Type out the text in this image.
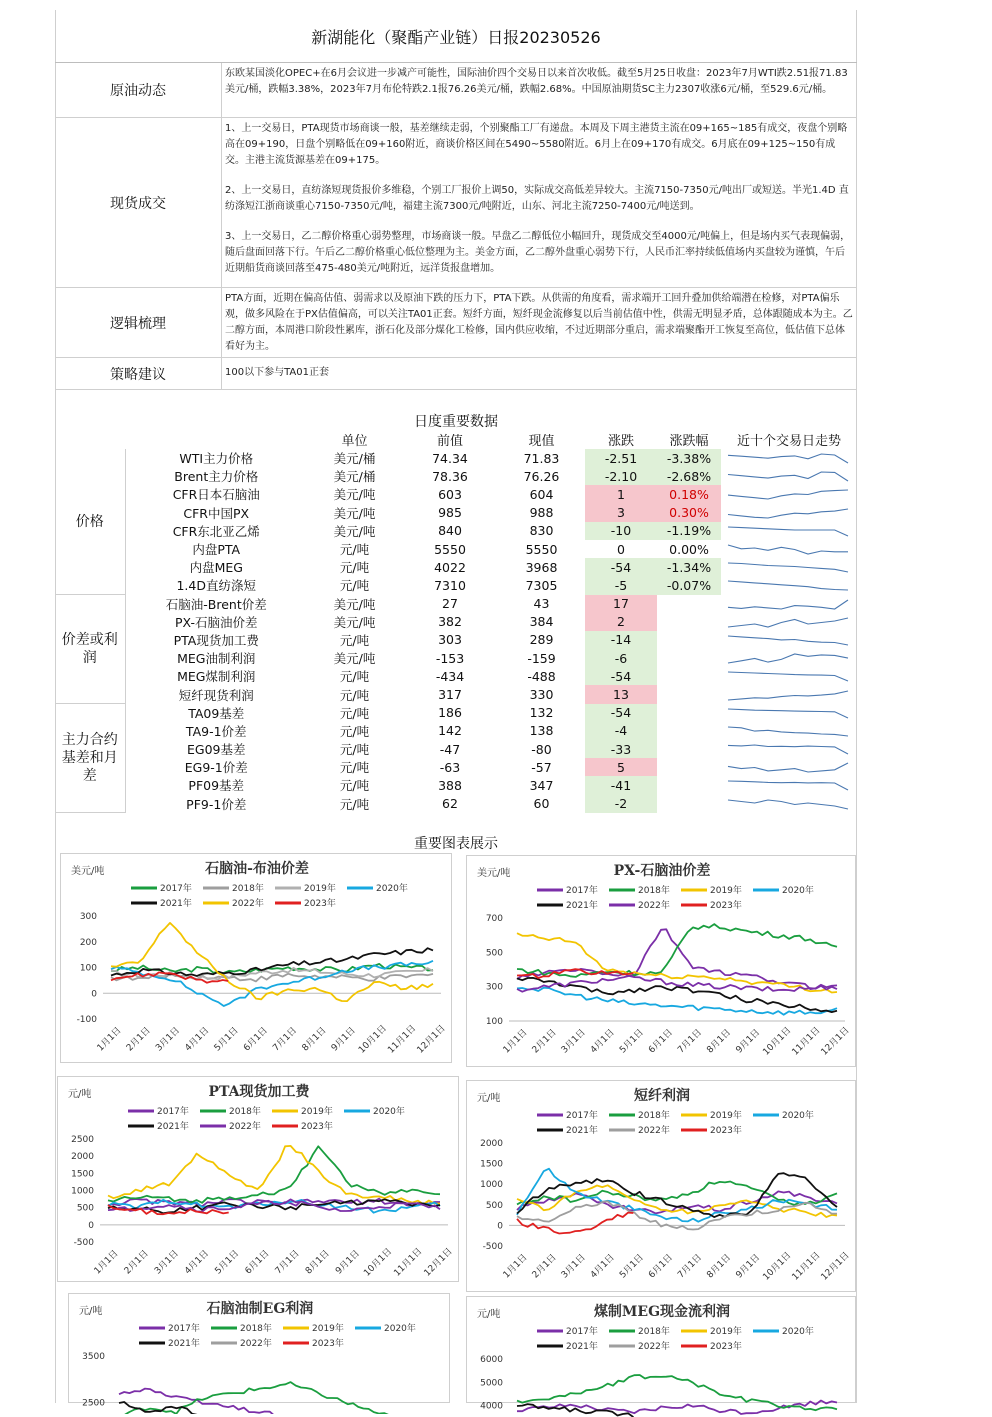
新湖能化（聚酯产业链）日报20230526
原油动态
东欧某国淡化OPEC+在6月会议进一步减产可能性，国际油价四个交易日以来首次收低。截至5月25日收盘：2023年7月WTI跌2.51报71.83美元/桶，跌幅3.38%，2023年7月布伦特跌2.1报76.26美元/桶，跌幅2.68%。中国原油期货SC主力2307收涨6元/桶，至529.6元/桶。
现货成交
1、上一交易日，PTA现货市场商谈一般，基差继续走弱，个别聚酯工厂有递盘。本周及下周主港货主流在09+165~185有成交，夜盘个别略高在09+190，日盘个别略低在09+160附近，商谈价格区间在5490~5580附近。6月上在09+170有成交。6月底在09+125~150有成交。主港主流货源基差在09+175。
2、上一交易日，直纺涤短现货报价多维稳，个别工厂报价上调50，实际成交高低差异较大。主流7150-7350元/吨出厂或短送。半光1.4D 直纺涤短江浙商谈重心7150-7350元/吨，福建主流7300元/吨附近，山东、河北主流7250-7400元/吨送到。
3、上一交易日，乙二醇价格重心弱势整理，市场商谈一般。早盘乙二醇低位小幅回升，现货成交至4000元/吨偏上，但是场内买气表现偏弱，随后盘面回落下行。午后乙二醇价格重心低位整理为主。美金方面，乙二醇外盘重心弱势下行，人民币汇率持续低值场内买盘较为谨慎，午后近期船货商谈回落至475-480美元/吨附近，远洋货报盘增加。
逻辑梳理
PTA方面，近期在偏高估值、弱需求以及原油下跌的压力下，PTA下跌。从供需的角度看，需求端开工回升叠加供给端潜在检修，对PTA偏乐观，做多风险在于PX估值偏高，可以关注TA01正套。短纤方面，短纤现金流修复以后当前估值中性，供需无明显矛盾，总体跟随成本为主。乙二醇方面，本周港口阶段性累库，浙石化及部分煤化工检修，国内供应收缩，不过近期部分重启，需求端聚酯开工恢复至高位，低估值下总体看好为主。
策略建议	100以下参与TA01正套
日度重要数据
		单位	前值	现值	涨跌	涨跌幅	近十个交易日走势
价格	WTI主力价格	美元/桶	74.34	71.83	-2.51	-3.38%	

	Brent主力价格	美元/桶	78.36	76.26	-2.10	-2.68%	

	CFR日本石脑油	美元/吨	603	604	1	0.18%	

	CFR中国PX	美元/吨	985	988	3	0.30%	

	CFR东北亚乙烯	美元/吨	840	830	-10	-1.19%	

	内盘PTA	元/吨	5550	5550	0	0.00%	

	内盘MEG	元/吨	4022	3968	-54	-1.34%	

	1.4D直纺涤短	元/吨	7310	7305	-5	-0.07%	

价差或利润	石脑油-Brent价差	美元/吨	27	43	17		

	PX-石脑油价差	美元/吨	382	384	2		

	PTA现货加工费	元/吨	303	289	-14		

	MEG油制利润	美元/吨	-153	-159	-6		

	MEG煤制利润	元/吨	-434	-488	-54		

	短纤现货利润	元/吨	317	330	13		

主力合约基差和月差	TA09基差	元/吨	186	132	-54		

	TA9-1价差	元/吨	142	138	-4		

	EG09基差	元/吨	-47	-80	-33		

	EG9-1价差	元/吨	-63	-57	5		

	PF09基差	元/吨	388	347	-41		

	PF9-1价差	元/吨	62	60	-2		
重要图表展示
石脑油-布油价差
美元/吨
2017年	2018年	2019年	2020年
2021年	2022年	2023年
300
200
100
0
-100
1月1日 2月1日 3月1日 4月1日 5月1日 6月1日 7月1日 8月1日 9月1日 10月1日
11月1日
12月1日
PX-石脑油价差
美元/吨
2017年	2018年	2019年	2020年
2021年	2022年	2023年
700
500
300
100
1月1日 2月1日 3月1日 4月1日 5月1日 6月1日 7月1日 8月1日 9月1日 10月1日
11月1日
12月1日
PTA现货加工费
元/吨
2017年	2018年	2019年	2020年
2021年	2022年	2023年
2500
2000
1500
1000
500
0
-500
1月1日 2月1日 3月1日 4月1日 5月1日 6月1日 7月1日 8月1日 9月1日 10月1日
11月1日
12月1日
短纤利润
元/吨
2017年	2018年	2019年	2020年
2021年	2022年	2023年
2000
1500
1000
500
0
-500
1月1日 2月1日 3月1日 4月1日 5月1日 6月1日 7月1日 8月1日 9月1日 10月1日
11月1日
12月1日
石脑油制EG利润
元/吨
2017年	2018年	2019年	2020年
2021年	2022年	2023年
3500
2500
煤制MEG现金流利润
元/吨
2017年	2018年	2019年	2020年
2021年	2022年	2023年
6000
5000
4000
